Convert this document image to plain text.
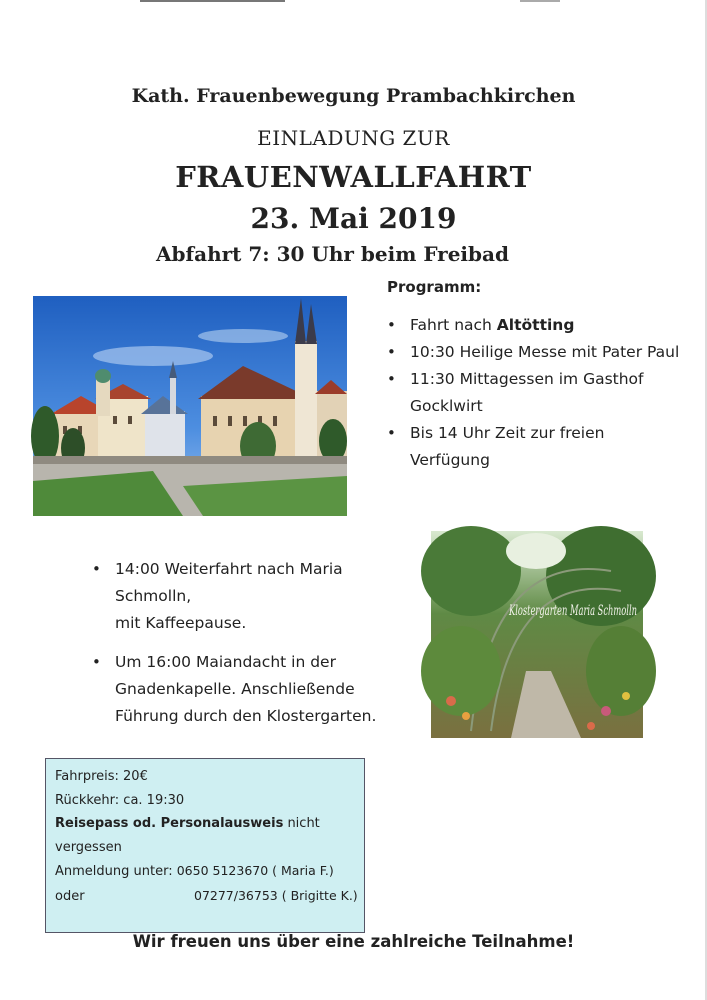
Kath. Frauenbewegung Prambachkirchen
EINLADUNG ZUR
FRAUENWALLFAHRT
23. Mai 2019
Abfahrt 7: 30 Uhr beim Freibad
Programm:
• Fahrt nach Altötting
• 10:30 Heilige Messe mit Pater Paul
• 11:30 Mittagessen im Gasthof Gocklwirt
• Bis 14 Uhr Zeit zur freien Verfügung
• 14:00 Weiterfahrt nach Maria
Schmolln,
mit Kaffeepause.
• Um 16:00 Maiandacht in der
Gnadenkapelle. Anschließende
Führung durch den Klostergarten.
Klostergarten Maria Schmolln
Fahrpreis: 20€
Rückkehr: ca. 19:30
Reisepass od. Personalausweis nicht
vergessen
Anmeldung unter: 0650 5123670 ( Maria F.)
oder	07277/36753 ( Brigitte K.)
Wir freuen uns über eine zahlreiche Teilnahme!
